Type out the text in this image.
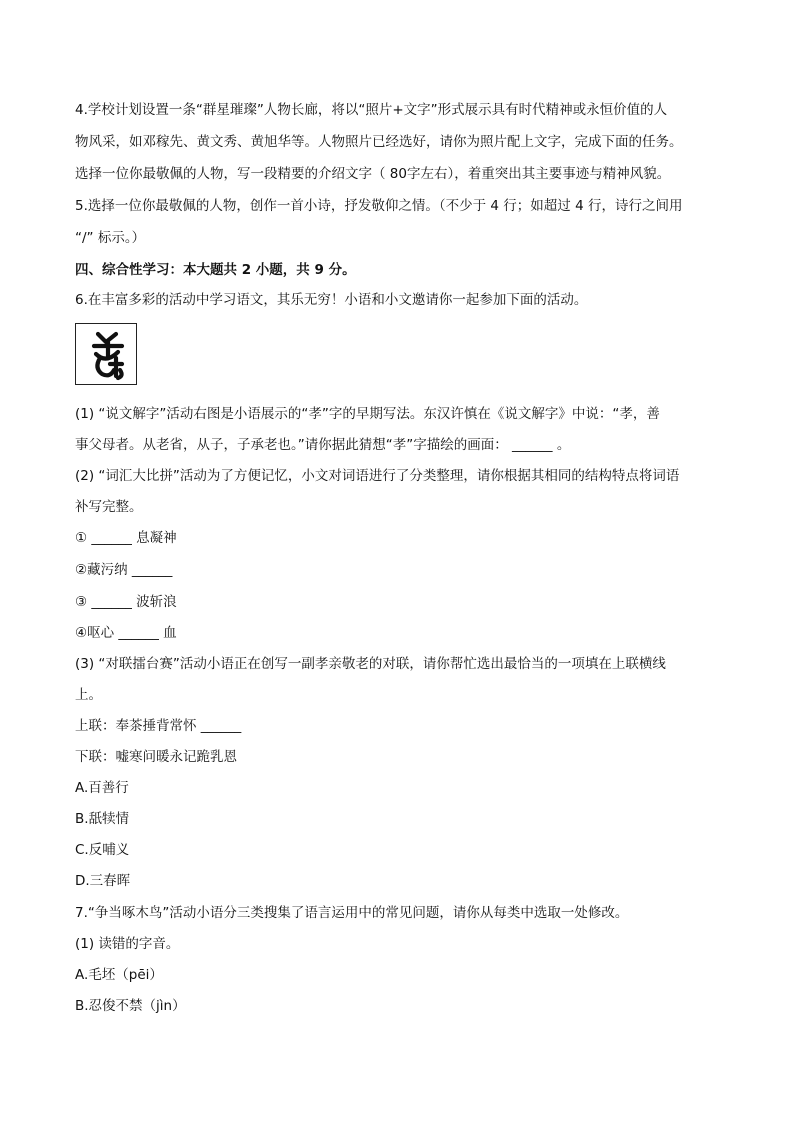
4.学校计划设置一条“群星璀璨”人物长廊，将以“照片+文字”形式展示具有时代精神或永恒价值的人
物风采，如邓稼先、黄文秀、黄旭华等。人物照片已经选好，请你为照片配上文字，完成下面的任务。
选择一位你最敬佩的人物，写一段精要的介绍文字（ 80字左右），着重突出其主要事迹与精神风貌。
5.选择一位你最敬佩的人物，创作一首小诗，抒发敬仰之情。（不少于 4 行；如超过 4 行，诗行之间用
“/” 标示。）
四、综合性学习：本大题共 2 小题，共 9 分。
6.在丰富多彩的活动中学习语文，其乐无穷！小语和小文邀请你一起参加下面的活动。
(1) “说文解字”活动右图是小语展示的“孝”字的早期写法。东汉许慎在《说文解字》中说：“孝，善
事父母者。从老省，从子，子承老也。”请你据此猜想“孝”字描绘的画面： ______ 。
(2) “词汇大比拼”活动为了方便记忆，小文对词语进行了分类整理，请你根据其相同的结构特点将词语
补写完整。
① ______ 息凝神
②藏污纳 ______
③ ______ 波斩浪
④呕心 ______ 血
(3) “对联擂台赛”活动小语正在创写一副孝亲敬老的对联，请你帮忙选出最恰当的一项填在上联横线
上。
上联：奉茶捶背常怀 ______
下联：嘘寒问暖永记跪乳恩
A.百善行
B.舐犊情
C.反哺义
D.三春晖
7.“争当啄木鸟”活动小语分三类搜集了语言运用中的常见问题，请你从每类中选取一处修改。
(1) 读错的字音。
A.毛坯（pēi）
B.忍俊不禁（jìn）
